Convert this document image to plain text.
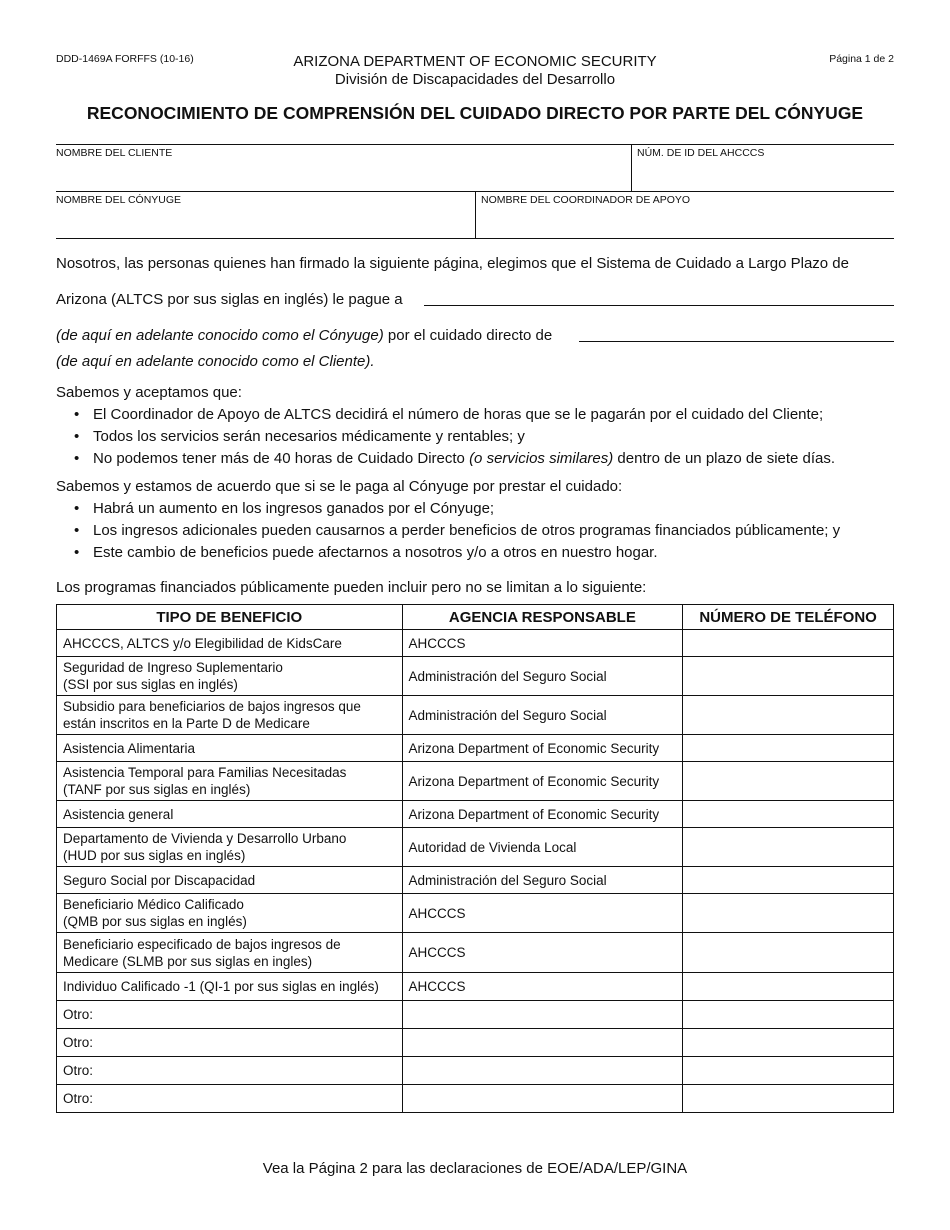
DDD-1469A FORFFS (10-16)	ARIZONA DEPARTMENT OF ECONOMIC SECURITY
División de Discapacidades del Desarrollo
Página 1 de 2
RECONOCIMIENTO DE COMPRENSIÓN DEL CUIDADO DIRECTO POR PARTE DEL CÓNYUGE
NOMBRE DEL CLIENTE	NÚM. DE ID DEL AHCCCS
NOMBRE DEL CÓNYUGE	NOMBRE DEL COORDINADOR DE APOYO
Nosotros, las personas quienes han firmado la siguiente página, elegimos que el Sistema de Cuidado a Largo Plazo de
Arizona (ALTCS por sus siglas en inglés) le pague a
(de aquí en adelante conocido como el Cónyuge) por el cuidado directo de
(de aquí en adelante conocido como el Cliente).
Sabemos y aceptamos que:
• El Coordinador de Apoyo de ALTCS decidirá el número de horas que se le pagarán por el cuidado del Cliente;
• Todos los servicios serán necesarios médicamente y rentables; y
• No podemos tener más de 40 horas de Cuidado Directo (o servicios similares) dentro de un plazo de siete días.
Sabemos y estamos de acuerdo que si se le paga al Cónyuge por prestar el cuidado:
• Habrá un aumento en los ingresos ganados por el Cónyuge;
• Los ingresos adicionales pueden causarnos a perder beneficios de otros programas financiados públicamente; y
• Este cambio de beneficios puede afectarnos a nosotros y/o a otros en nuestro hogar.
Los programas financiados públicamente pueden incluir pero no se limitan a lo siguiente:
TIPO DE BENEFICIO	AGENCIA RESPONSABLE	NÚMERO DE TELÉFONO

AHCCCS, ALTCS y/o Elegibilidad de KidsCare	AHCCCS	

Seguridad de Ingreso Suplementario
(SSI por sus siglas en inglés)	Administración del Seguro Social	

Subsidio para beneficiarios de bajos ingresos que
están inscritos en la Parte D de Medicare	Administración del Seguro Social	

Asistencia Alimentaria	Arizona Department of Economic Security	

Asistencia Temporal para Familias Necesitadas
(TANF por sus siglas en inglés)	Arizona Department of Economic Security	

Asistencia general	Arizona Department of Economic Security	

Departamento de Vivienda y Desarrollo Urbano
(HUD por sus siglas en inglés)	Autoridad de Vivienda Local	

Seguro Social por Discapacidad	Administración del Seguro Social	

Beneficiario Médico Calificado
(QMB por sus siglas en inglés)	AHCCCS	

Beneficiario especificado de bajos ingresos de
Medicare (SLMB por sus siglas en ingles)	AHCCCS	

Individuo Calificado -1 (QI-1 por sus siglas en inglés)	AHCCCS	

Otro:		

Otro:		

Otro:		

Otro:		

Vea la Página 2 para las declaraciones de EOE/ADA/LEP/GINA
